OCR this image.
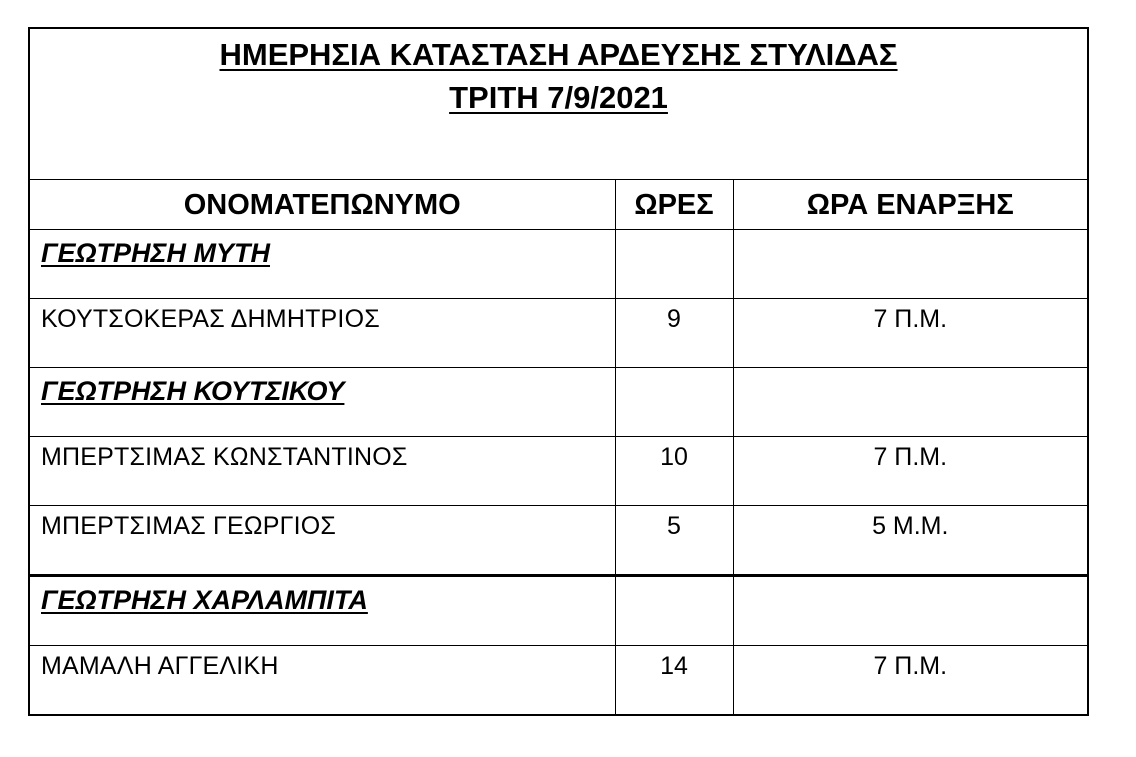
ΗΜΕΡΗΣΙΑ ΚΑΤΑΣΤΑΣΗ ΑΡΔΕΥΣΗΣ ΣΤΥΛΙΔΑΣ
ΤΡΙΤΗ 7/9/2021		

ΟΝΟΜΑΤΕΠΩΝΥΜΟ	ΩΡΕΣ	ΩΡΑ ΕΝΑΡΞΗΣ

ΓΕΩΤΡΗΣΗ ΜΥΤΗ		

ΚΟΥΤΣΟΚΕΡΑΣ ΔΗΜΗΤΡΙΟΣ	9	7 Π.Μ.

ΓΕΩΤΡΗΣΗ ΚΟΥΤΣΙΚΟΥ		

ΜΠΕΡΤΣΙΜΑΣ ΚΩΝΣΤΑΝΤΙΝΟΣ	10	7 Π.Μ.

ΜΠΕΡΤΣΙΜΑΣ ΓΕΩΡΓΙΟΣ	5	5 Μ.Μ.

ΓΕΩΤΡΗΣΗ ΧΑΡΛΑΜΠΙΤΑ		

ΜΑΜΑΛΗ ΑΓΓΕΛΙΚΗ	14	7 Π.Μ.
